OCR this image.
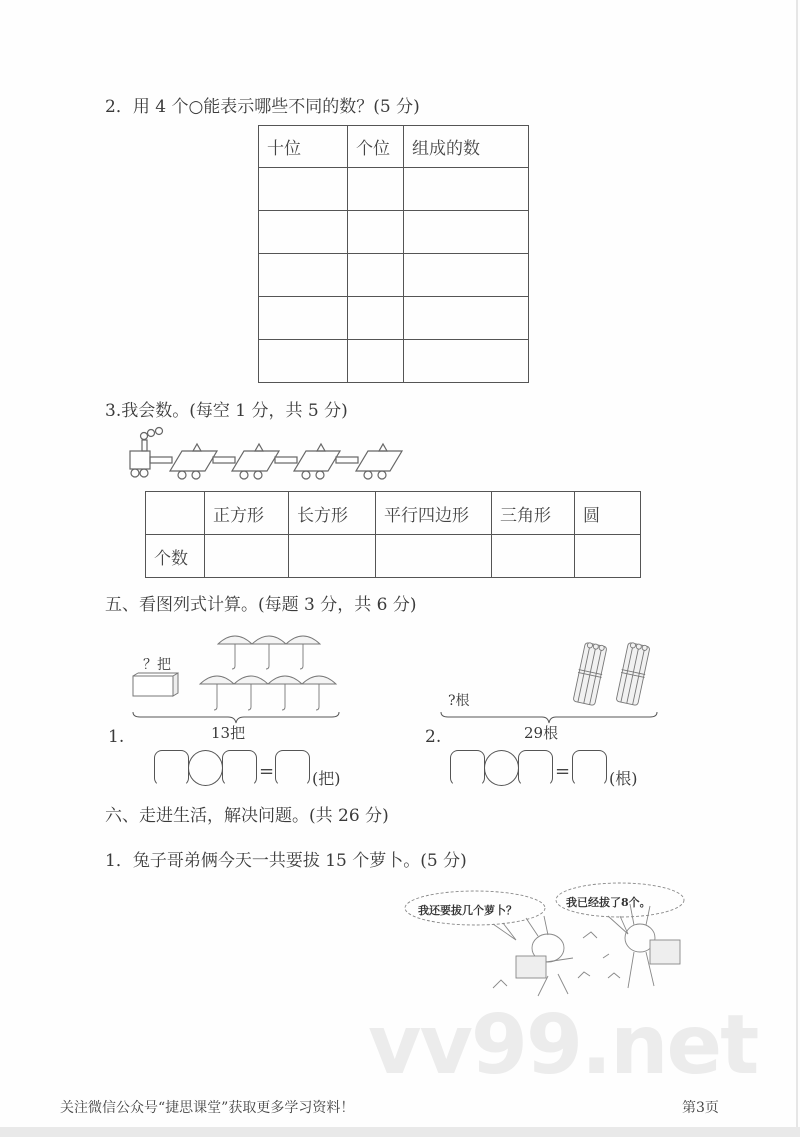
2．用 4 个○能表示哪些不同的数？(5 分)
十位	个位	组成的数

3.我会数。(每空 1 分，共 5 分)
	正方形	长方形	平行四边形	三角形	圆
个数					
五、看图列式计算。(每题 3 分，共 6 分)
？把
1.	13把
= (把)
?根
2.	29根
= (根)
六、走进生活，解决问题。(共 26 分)
1．兔子哥弟俩今天一共要拔 15 个萝卜。(5 分)
我还要拔几个萝卜？
我已经拔了8个。
vv99.net
关注微信公众号“捷思课堂”获取更多学习资料！	第3页
